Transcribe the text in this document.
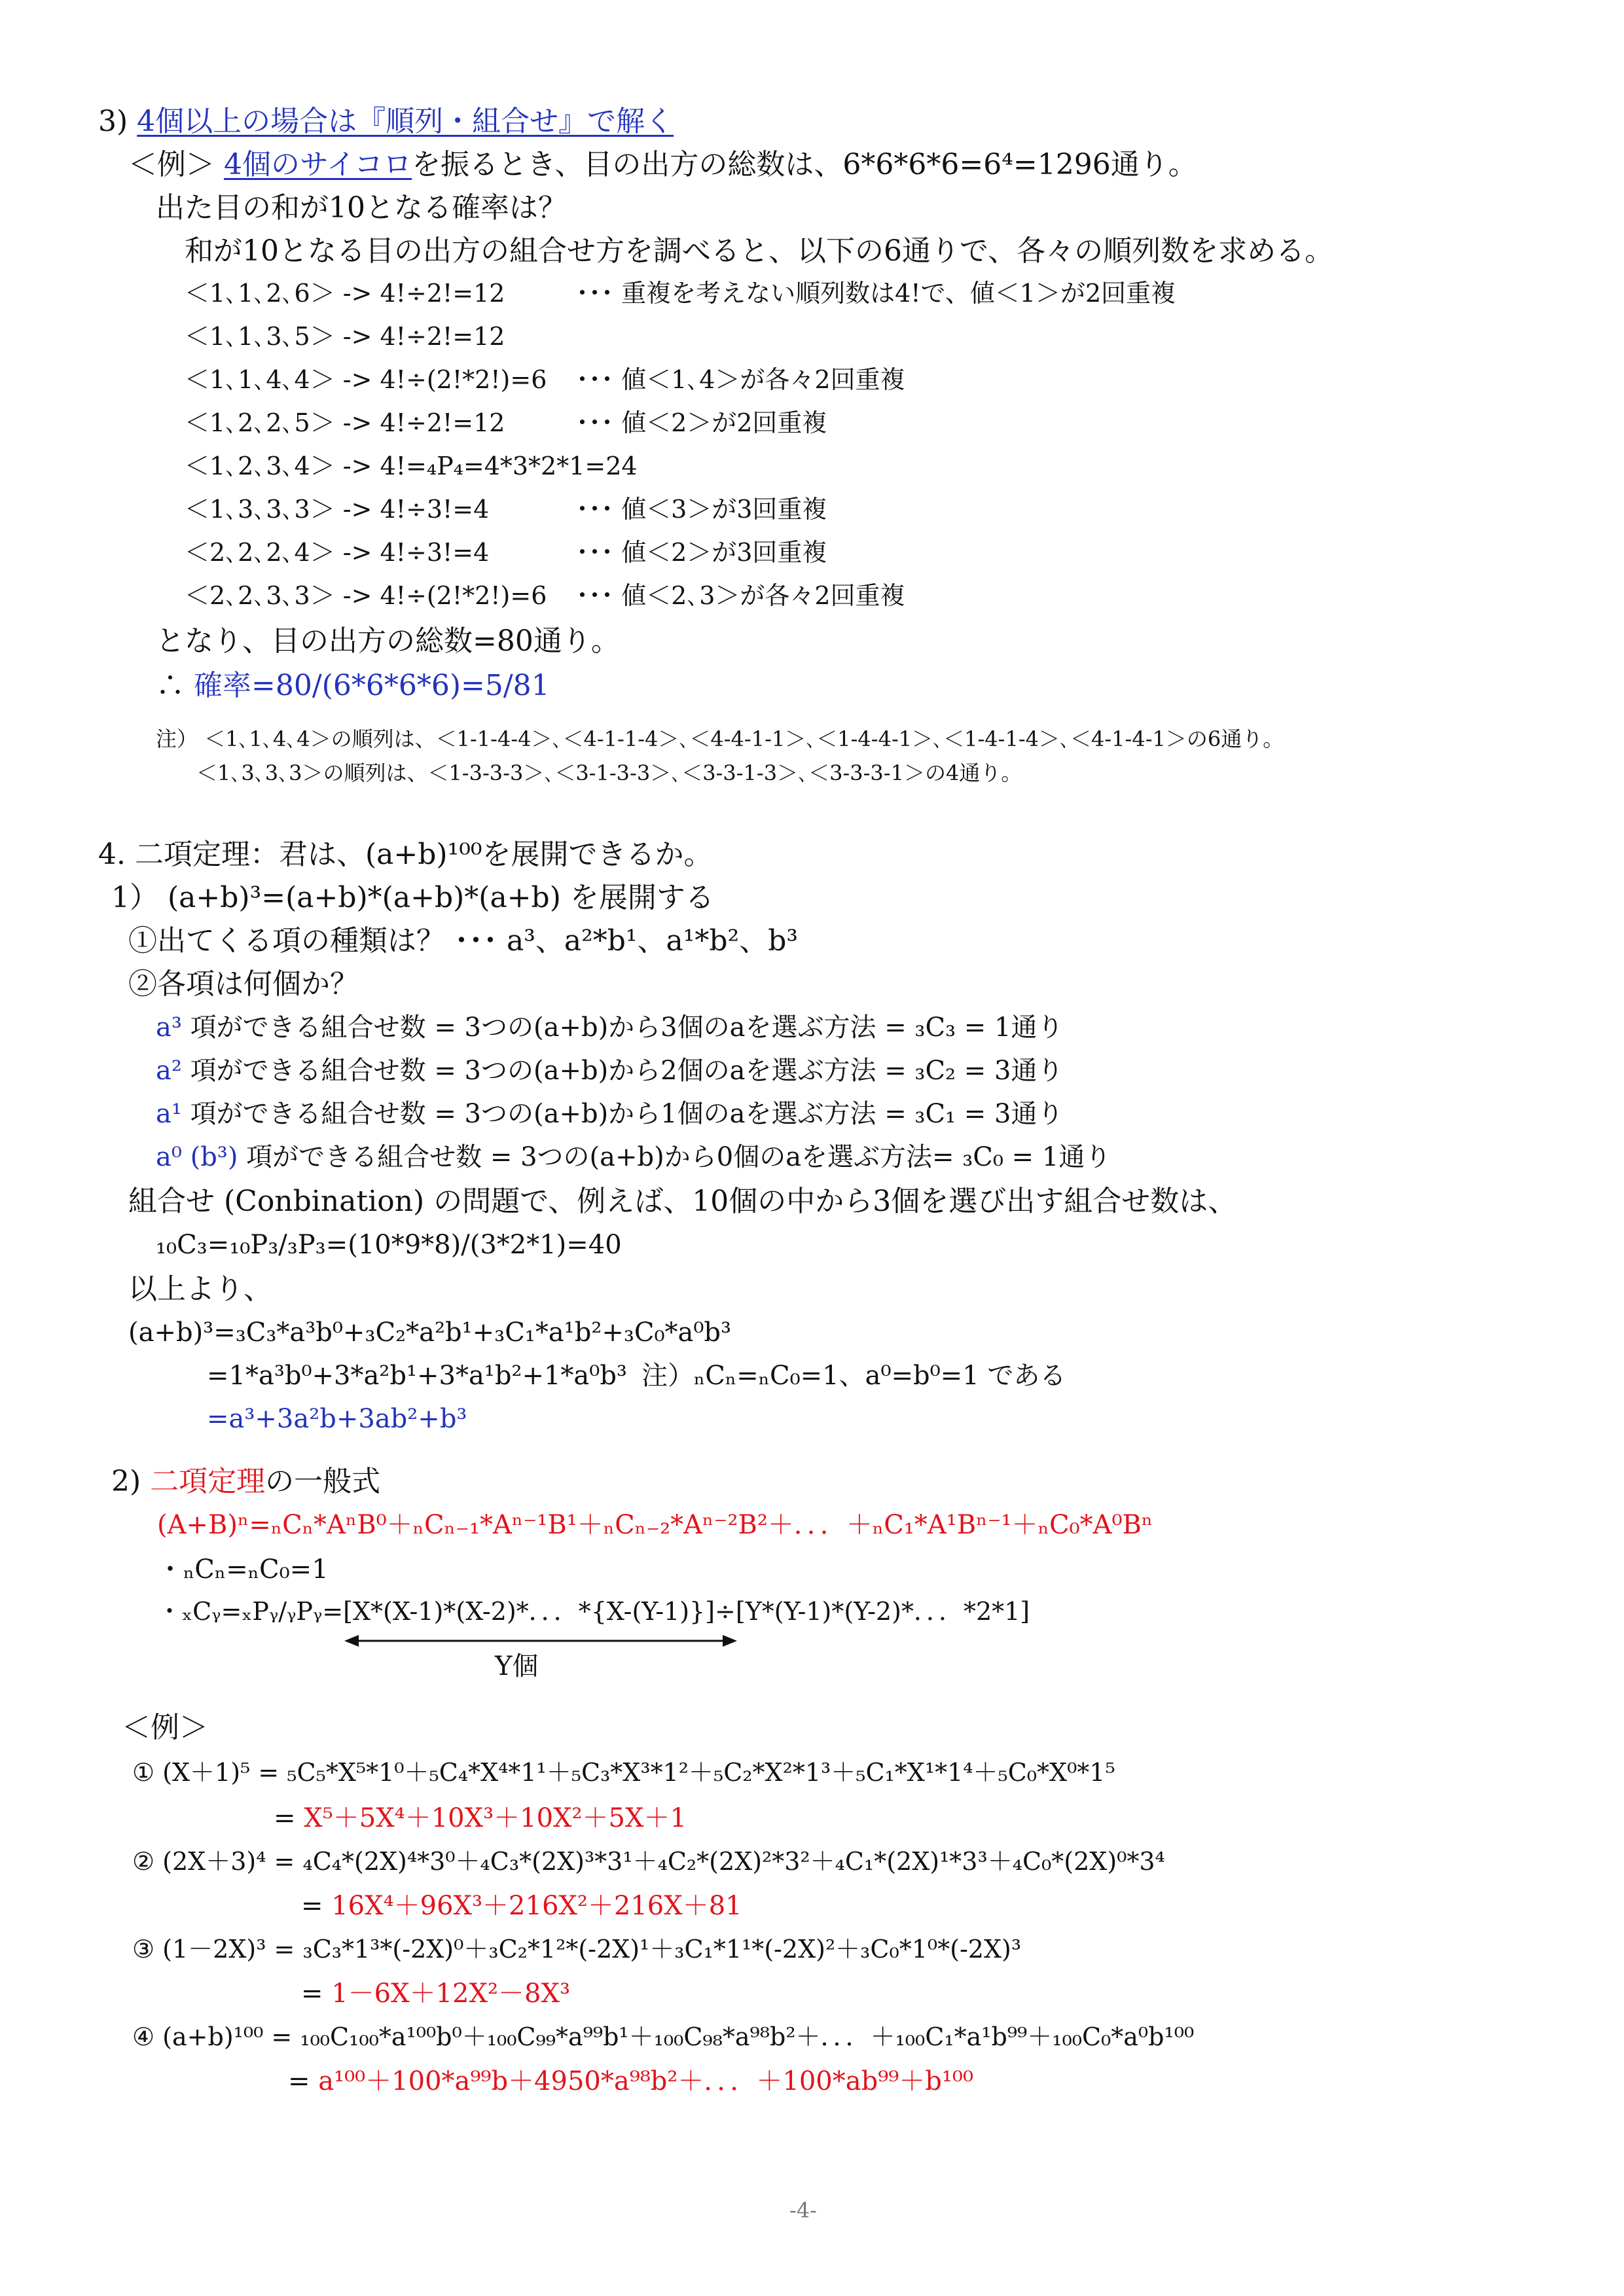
3) 4個以上の場合は『順列・組合せ』で解く
＜例＞ 4個のサイコロを振るとき、目の出方の総数は、6*6*6*6=6⁴=1296通り。
出た目の和が10となる確率は？
和が10となる目の出方の組合せ方を調べると、以下の6通りで、各々の順列数を求める。
＜1､1､2､6＞ -> 4!÷2!=12	･･･ 重複を考えない順列数は4!で、値＜1＞が2回重複
＜1､1､3､5＞ -> 4!÷2!=12
＜1､1､4､4＞ -> 4!÷(2!*2!)=6 ･･･ 値＜1､4＞が各々2回重複
＜1､2､2､5＞ -> 4!÷2!=12	･･･ 値＜2＞が2回重複
＜1､2､3､4＞ -> 4!=₄P₄=4*3*2*1=24
＜1､3､3､3＞ -> 4!÷3!=4	･･･ 値＜3＞が3回重複
＜2､2､2､4＞ -> 4!÷3!=4	･･･ 値＜2＞が3回重複
＜2､2､3､3＞ -> 4!÷(2!*2!)=6 ･･･ 値＜2､3＞が各々2回重複
となり、目の出方の総数=80通り。
∴ 確率=80/(6*6*6*6)=5/81
注） ＜1､1､4､4＞の順列は、＜1-1-4-4＞､＜4-1-1-4＞､＜4-4-1-1＞､＜1-4-4-1＞､＜1-4-1-4＞､＜4-1-4-1＞の6通り。
＜1､3､3､3＞の順列は、＜1-3-3-3＞､＜3-1-3-3＞､＜3-3-1-3＞､＜3-3-3-1＞の4通り。
4. 二項定理：君は、(a+b)¹⁰⁰を展開できるか。
1） (a+b)³=(a+b)*(a+b)*(a+b) を展開する
①出てくる項の種類は？ ･･･ a³、a²*b¹、a¹*b²、b³
②各項は何個か？
a³ 項ができる組合せ数 = 3つの(a+b)から3個のaを選ぶ方法 = ₃C₃ = 1通り
a² 項ができる組合せ数 = 3つの(a+b)から2個のaを選ぶ方法 = ₃C₂ = 3通り
a¹ 項ができる組合せ数 = 3つの(a+b)から1個のaを選ぶ方法 = ₃C₁ = 3通り
a⁰ (b³) 項ができる組合せ数 = 3つの(a+b)から0個のaを選ぶ方法= ₃C₀ = 1通り
組合せ (Conbination) の問題で、例えば、10個の中から3個を選び出す組合せ数は、
₁₀C₃=₁₀P₃/₃P₃=(10*9*8)/(3*2*1)=40
以上より、
(a+b)³=₃C₃*a³b⁰+₃C₂*a²b¹+₃C₁*a¹b²+₃C₀*a⁰b³
=1*a³b⁰+3*a²b¹+3*a¹b²+1*a⁰b³ 注）ₙCₙ=ₙC₀=1、a⁰=b⁰=1 である
=a³+3a²b+3ab²+b³
2) 二項定理の一般式
(A+B)ⁿ=ₙCₙ*AⁿB⁰＋ₙCₙ₋₁*Aⁿ⁻¹B¹＋ₙCₙ₋₂*Aⁿ⁻²B²＋．．．＋ₙC₁*A¹Bⁿ⁻¹＋ₙC₀*A⁰Bⁿ
・ₙCₙ=ₙC₀=1
・ₓCᵧ=ₓPᵧ/ᵧPᵧ=[X*(X-1)*(X-2)*．．．*{X-(Y-1)}]÷[Y*(Y-1)*(Y-2)*．．．*2*1]
Y個
＜例＞
① (X＋1)⁵ = ₅C₅*X⁵*1⁰＋₅C₄*X⁴*1¹＋₅C₃*X³*1²＋₅C₂*X²*1³＋₅C₁*X¹*1⁴＋₅C₀*X⁰*1⁵
= X⁵＋5X⁴＋10X³＋10X²＋5X＋1
② (2X＋3)⁴ = ₄C₄*(2X)⁴*3⁰＋₄C₃*(2X)³*3¹＋₄C₂*(2X)²*3²＋₄C₁*(2X)¹*3³＋₄C₀*(2X)⁰*3⁴
= 16X⁴＋96X³＋216X²＋216X＋81
③ (1－2X)³ = ₃C₃*1³*(-2X)⁰＋₃C₂*1²*(-2X)¹＋₃C₁*1¹*(-2X)²＋₃C₀*1⁰*(-2X)³
= 1－6X＋12X²－8X³
④ (a+b)¹⁰⁰ = ₁₀₀C₁₀₀*a¹⁰⁰b⁰＋₁₀₀C₉₉*a⁹⁹b¹＋₁₀₀C₉₈*a⁹⁸b²＋．．．＋₁₀₀C₁*a¹b⁹⁹＋₁₀₀C₀*a⁰b¹⁰⁰
= a¹⁰⁰＋100*a⁹⁹b＋4950*a⁹⁸b²＋．．．＋100*ab⁹⁹＋b¹⁰⁰
-4-
